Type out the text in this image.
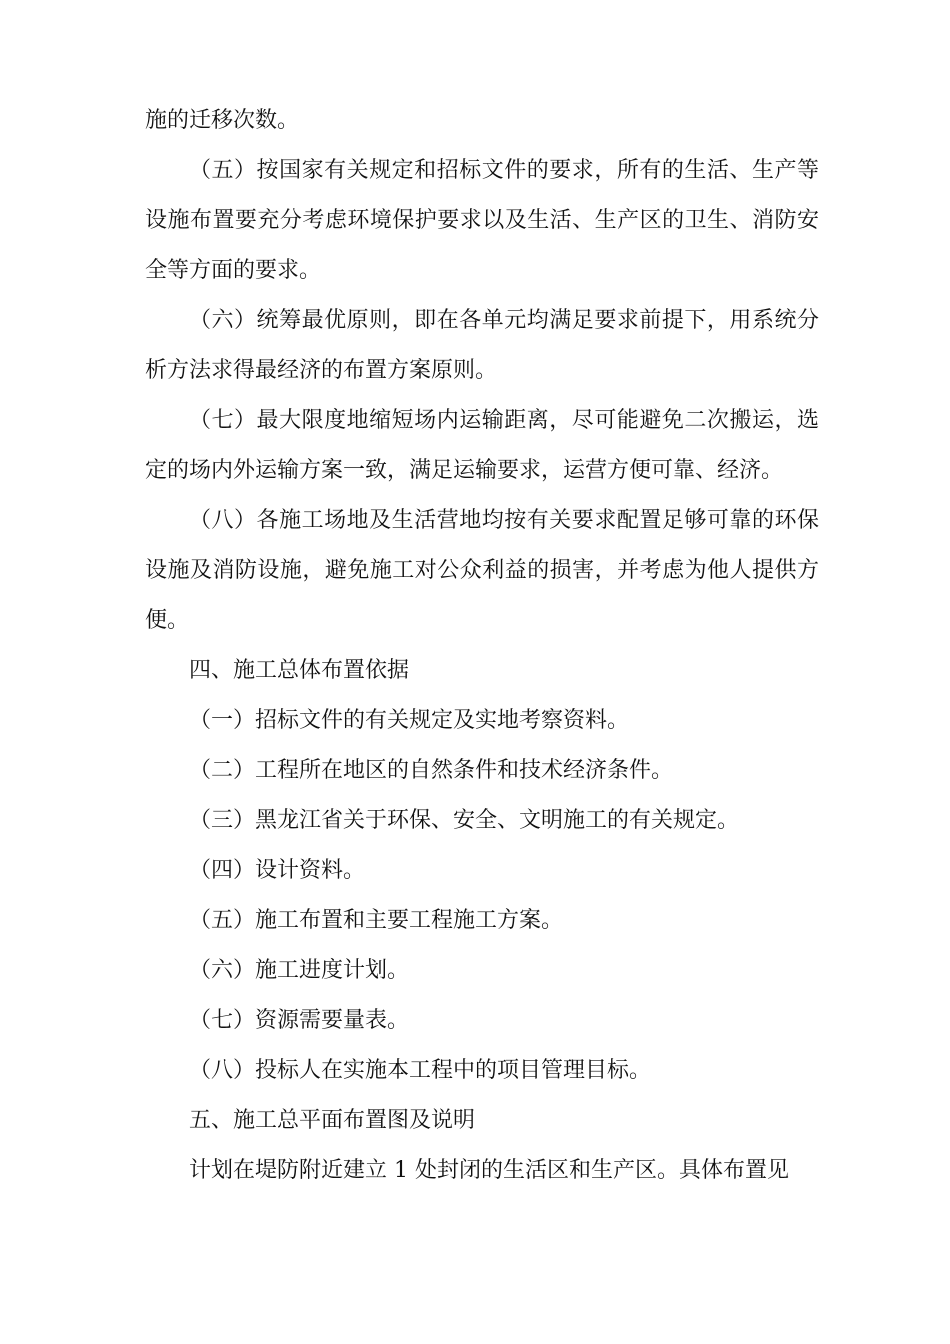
施的迁移次数。

（五）按国家有关规定和招标文件的要求，所有的生活、生产等设施布置要充分考虑环境保护要求以及生活、生产区的卫生、消防安全等方面的要求。

（六）统筹最优原则，即在各单元均满足要求前提下，用系统分析方法求得最经济的布置方案原则。

（七）最大限度地缩短场内运输距离，尽可能避免二次搬运，选定的场内外运输方案一致，满足运输要求，运营方便可靠、经济。

（八）各施工场地及生活营地均按有关要求配置足够可靠的环保设施及消防设施，避免施工对公众利益的损害，并考虑为他人提供方便。

四、施工总体布置依据

（一）招标文件的有关规定及实地考察资料。

（二）工程所在地区的自然条件和技术经济条件。

（三）黑龙江省关于环保、安全、文明施工的有关规定。

（四）设计资料。

（五）施工布置和主要工程施工方案。

（六）施工进度计划。

（七）资源需要量表。

（八）投标人在实施本工程中的项目管理目标。

五、施工总平面布置图及说明

计划在堤防附近建立 1 处封闭的生活区和生产区。具体布置见
